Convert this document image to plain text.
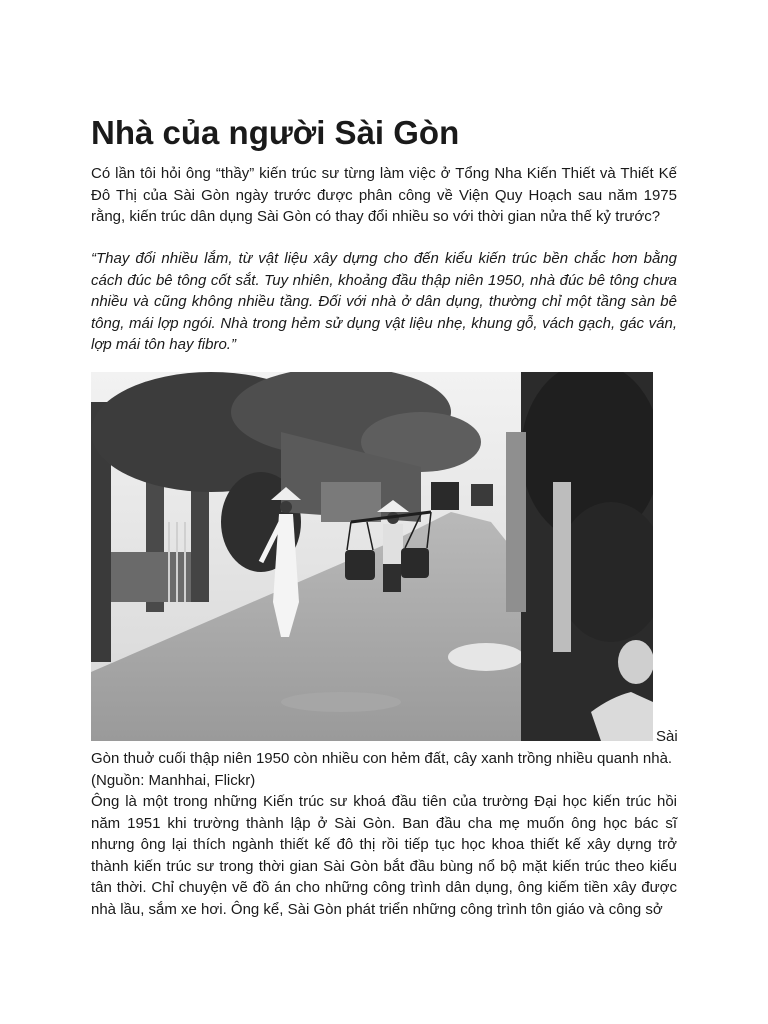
Nhà của người Sài Gòn

Có lần tôi hỏi ông “thầy” kiến trúc sư từng làm việc ở Tổng Nha Kiến Thiết và Thiết Kế Đô Thị của Sài Gòn ngày trước được phân công về Viện Quy Hoạch sau năm 1975 rằng, kiến trúc dân dụng Sài Gòn có thay đổi nhiều so với thời gian nửa thế kỷ trước?

“Thay đổi nhiều lắm, từ vật liệu xây dựng cho đến kiểu kiến trúc bền chắc hơn bằng cách đúc bê tông cốt sắt. Tuy nhiên, khoảng đầu thập niên 1950, nhà đúc bê tông chưa nhiều và cũng không nhiều tầng. Đối với nhà ở dân dụng, thường chỉ một tầng sàn bê tông, mái lợp ngói. Nhà trong hẻm sử dụng vật liệu nhẹ, khung gỗ, vách gạch, gác ván, lợp mái tôn hay fibro.”

Sài
Gòn thuở cuối thập niên 1950 còn nhiều con hẻm đất, cây xanh trồng nhiều quanh nhà. (Nguồn: Manhhai, Flickr)

Ông là một trong những Kiến trúc sư khoá đầu tiên của trường Đại học kiến trúc hồi năm 1951 khi trường thành lập ở Sài Gòn. Ban đầu cha mẹ muốn ông học bác sĩ nhưng ông lại thích ngành thiết kế đô thị rồi tiếp tục học khoa thiết kế xây dựng trở thành kiến trúc sư trong thời gian Sài Gòn bắt đầu bùng nổ bộ mặt kiến trúc theo kiểu tân thời. Chỉ chuyện vẽ đồ án cho những công trình dân dụng, ông kiếm tiền xây được nhà lầu, sắm xe hơi. Ông kể, Sài Gòn phát triển những công trình tôn giáo và công sở
